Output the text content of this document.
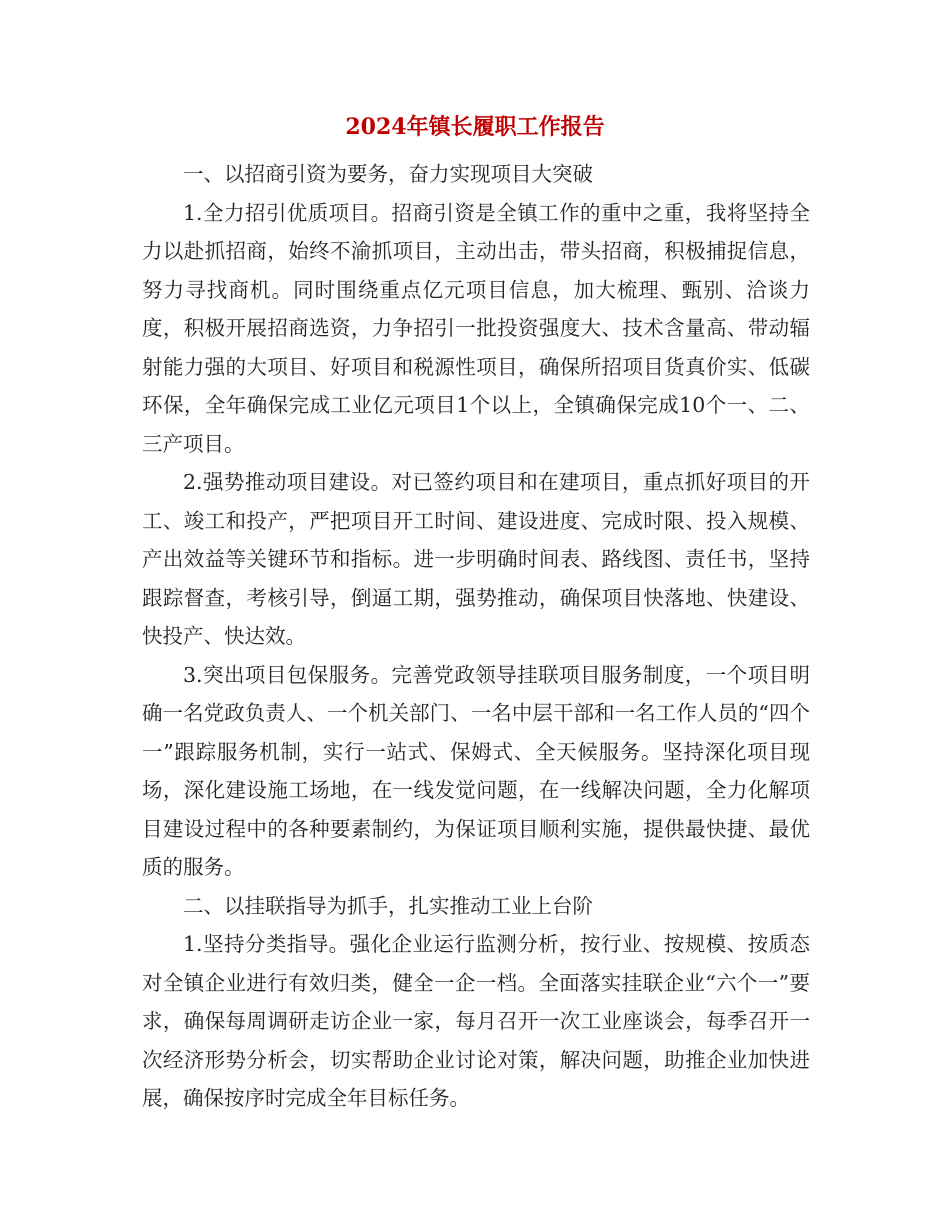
2024年镇长履职工作报告

一、以招商引资为要务，奋力实现项目大突破

1.全力招引优质项目。招商引资是全镇工作的重中之重，我将坚持全力以赴抓招商，始终不渝抓项目，主动出击，带头招商，积极捕捉信息，努力寻找商机。同时围绕重点亿元项目信息，加大梳理、甄别、洽谈力度，积极开展招商选资，力争招引一批投资强度大、技术含量高、带动辐射能力强的大项目、好项目和税源性项目，确保所招项目货真价实、低碳环保，全年确保完成工业亿元项目1个以上，全镇确保完成10个一、二、三产项目。

2.强势推动项目建设。对已签约项目和在建项目，重点抓好项目的开工、竣工和投产，严把项目开工时间、建设进度、完成时限、投入规模、产出效益等关键环节和指标。进一步明确时间表、路线图、责任书，坚持跟踪督查，考核引导，倒逼工期，强势推动，确保项目快落地、快建设、快投产、快达效。

3.突出项目包保服务。完善党政领导挂联项目服务制度，一个项目明确一名党政负责人、一个机关部门、一名中层干部和一名工作人员的“四个一”跟踪服务机制，实行一站式、保姆式、全天候服务。坚持深化项目现场，深化建设施工场地，在一线发觉问题，在一线解决问题，全力化解项目建设过程中的各种要素制约，为保证项目顺利实施，提供最快捷、最优质的服务。

二、以挂联指导为抓手，扎实推动工业上台阶

1.坚持分类指导。强化企业运行监测分析，按行业、按规模、按质态对全镇企业进行有效归类，健全一企一档。全面落实挂联企业“六个一”要求，确保每周调研走访企业一家，每月召开一次工业座谈会，每季召开一次经济形势分析会，切实帮助企业讨论对策，解决问题，助推企业加快进展，确保按序时完成全年目标任务。
